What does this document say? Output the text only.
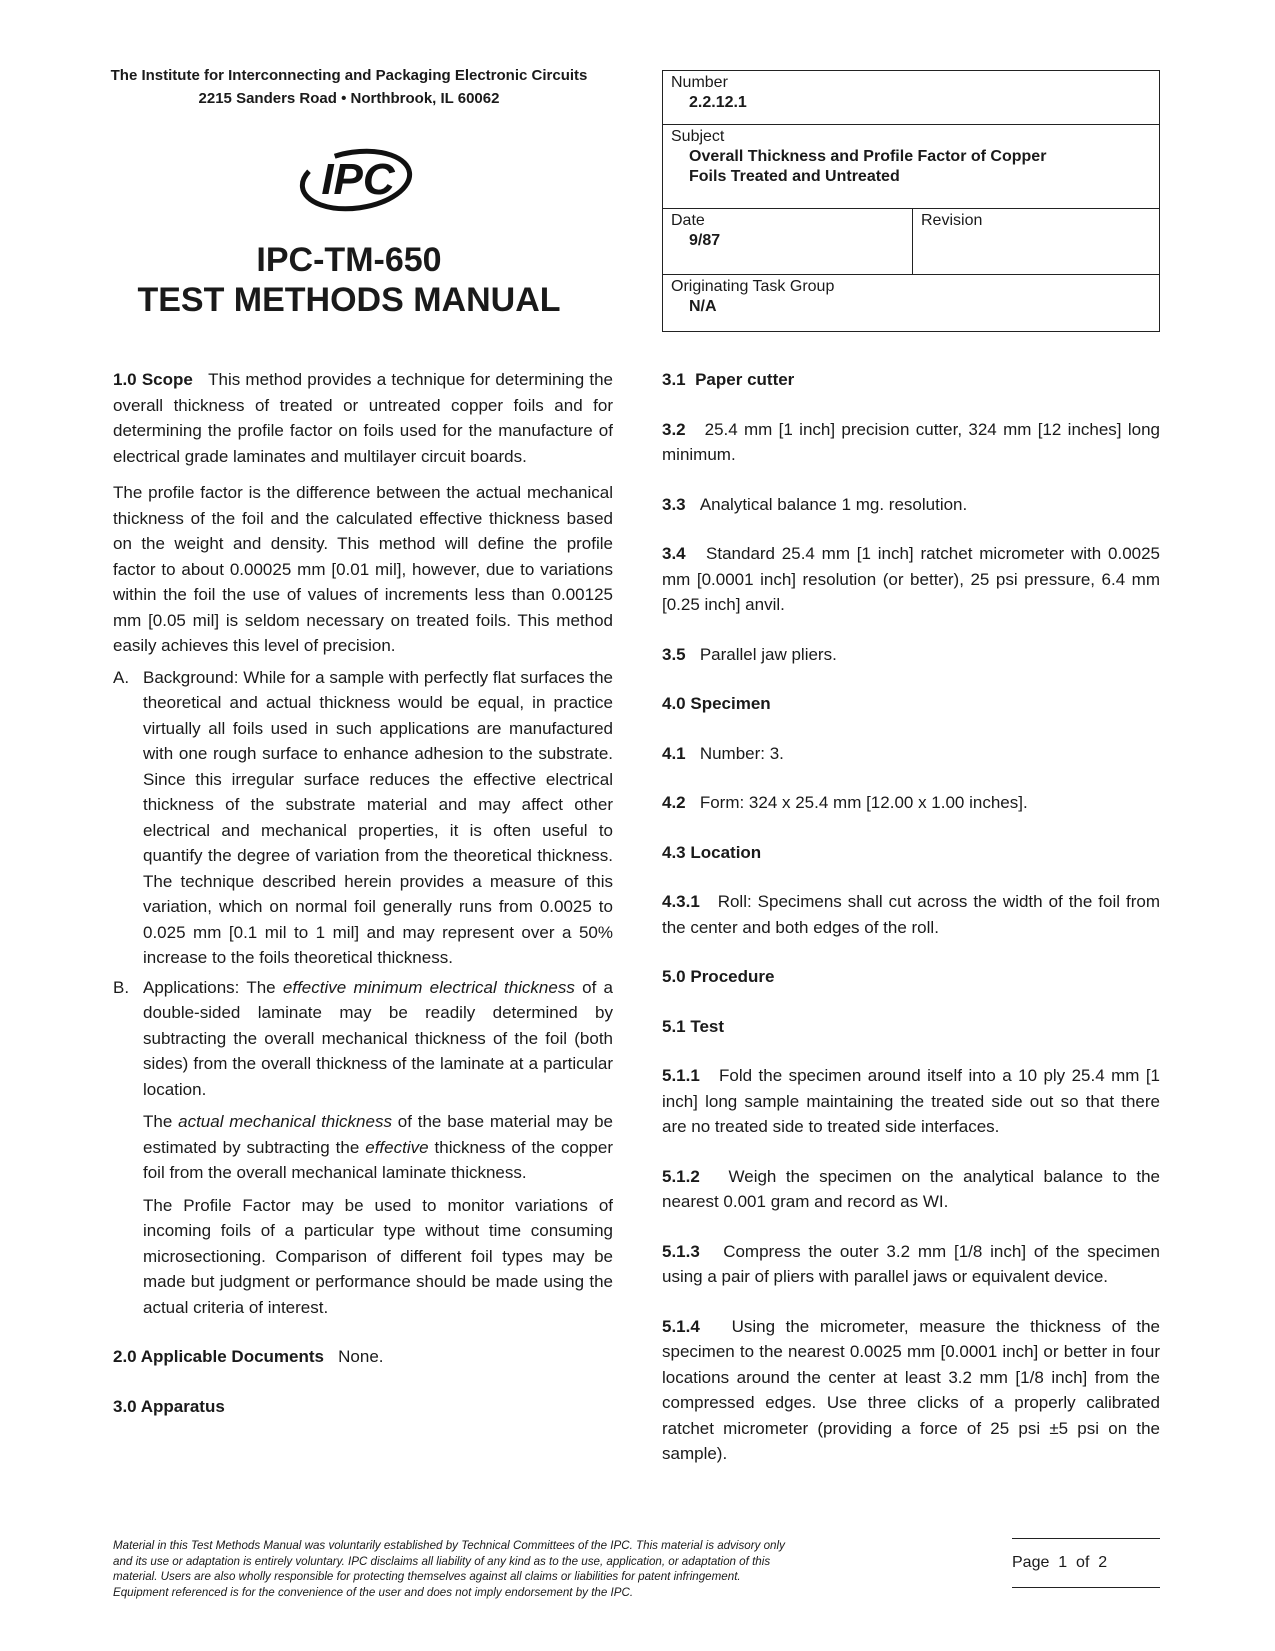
The Institute for Interconnecting and Packaging Electronic Circuits
2215 Sanders Road • Northbrook, IL 60062
IPC
IPC-TM-650
TEST METHODS MANUAL
Number
2.2.12.1
Subject
Overall Thickness and Profile Factor of Copper
Foils Treated and Untreated
Date
9/87
Revision
Originating Task Group
N/A

1.0 Scope This method provides a technique for determining the overall thickness of treated or untreated copper foils and for determining the profile factor on foils used for the manufacture of electrical grade laminates and multilayer circuit boards.

The profile factor is the difference between the actual mechanical thickness of the foil and the calculated effective thickness based on the weight and density. This method will define the profile factor to about 0.00025 mm [0.01 mil], however, due to variations within the foil the use of values of increments less than 0.00125 mm [0.05 mil] is seldom necessary on treated foils. This method easily achieves this level of precision.

A. Background: While for a sample with perfectly flat surfaces the theoretical and actual thickness would be equal, in practice virtually all foils used in such applications are manufactured with one rough surface to enhance adhesion to the substrate. Since this irregular surface reduces the effective electrical thickness of the substrate material and may affect other electrical and mechanical properties, it is often useful to quantify the degree of variation from the theoretical thickness. The technique described herein provides a measure of this variation, which on normal foil generally runs from 0.0025 to 0.025 mm [0.1 mil to 1 mil] and may represent over a 50% increase to the foils theoretical thickness.
B. Applications: The effective minimum electrical thickness of a double-sided laminate may be readily determined by subtracting the overall mechanical thickness of the foil (both sides) from the overall thickness of the laminate at a particular location.

The actual mechanical thickness of the base material may be estimated by subtracting the effective thickness of the copper foil from the overall mechanical laminate thickness.

The Profile Factor may be used to monitor variations of incoming foils of a particular type without time consuming microsectioning. Comparison of different foil types may be made but judgment or performance should be made using the actual criteria of interest.

2.0 Applicable Documents None.

3.0 Apparatus

3.1 Paper cutter

3.2 25.4 mm [1 inch] precision cutter, 324 mm [12 inches] long minimum.

3.3 Analytical balance 1 mg. resolution.

3.4 Standard 25.4 mm [1 inch] ratchet micrometer with 0.0025 mm [0.0001 inch] resolution (or better), 25 psi pressure, 6.4 mm [0.25 inch] anvil.

3.5 Parallel jaw pliers.

4.0 Specimen

4.1 Number: 3.

4.2 Form: 324 x 25.4 mm [12.00 x 1.00 inches].

4.3 Location

4.3.1 Roll: Specimens shall cut across the width of the foil from the center and both edges of the roll.

5.0 Procedure

5.1 Test

5.1.1 Fold the specimen around itself into a 10 ply 25.4 mm [1 inch] long sample maintaining the treated side out so that there are no treated side to treated side interfaces.

5.1.2 Weigh the specimen on the analytical balance to the nearest 0.001 gram and record as WI.

5.1.3 Compress the outer 3.2 mm [1/8 inch] of the specimen using a pair of pliers with parallel jaws or equivalent device.

5.1.4 Using the micrometer, measure the thickness of the specimen to the nearest 0.0025 mm [0.0001 inch] or better in four locations around the center at least 3.2 mm [1/8 inch] from the compressed edges. Use three clicks of a properly calibrated ratchet micrometer (providing a force of 25 psi ±5 psi on the sample).

Material in this Test Methods Manual was voluntarily established by Technical Committees of the IPC. This material is advisory only
and its use or adaptation is entirely voluntary. IPC disclaims all liability of any kind as to the use, application, or adaptation of this
material. Users are also wholly responsible for protecting themselves against all claims or liabilities for patent infringement.
Equipment referenced is for the convenience of the user and does not imply endorsement by the IPC.
Page  1  of  2
